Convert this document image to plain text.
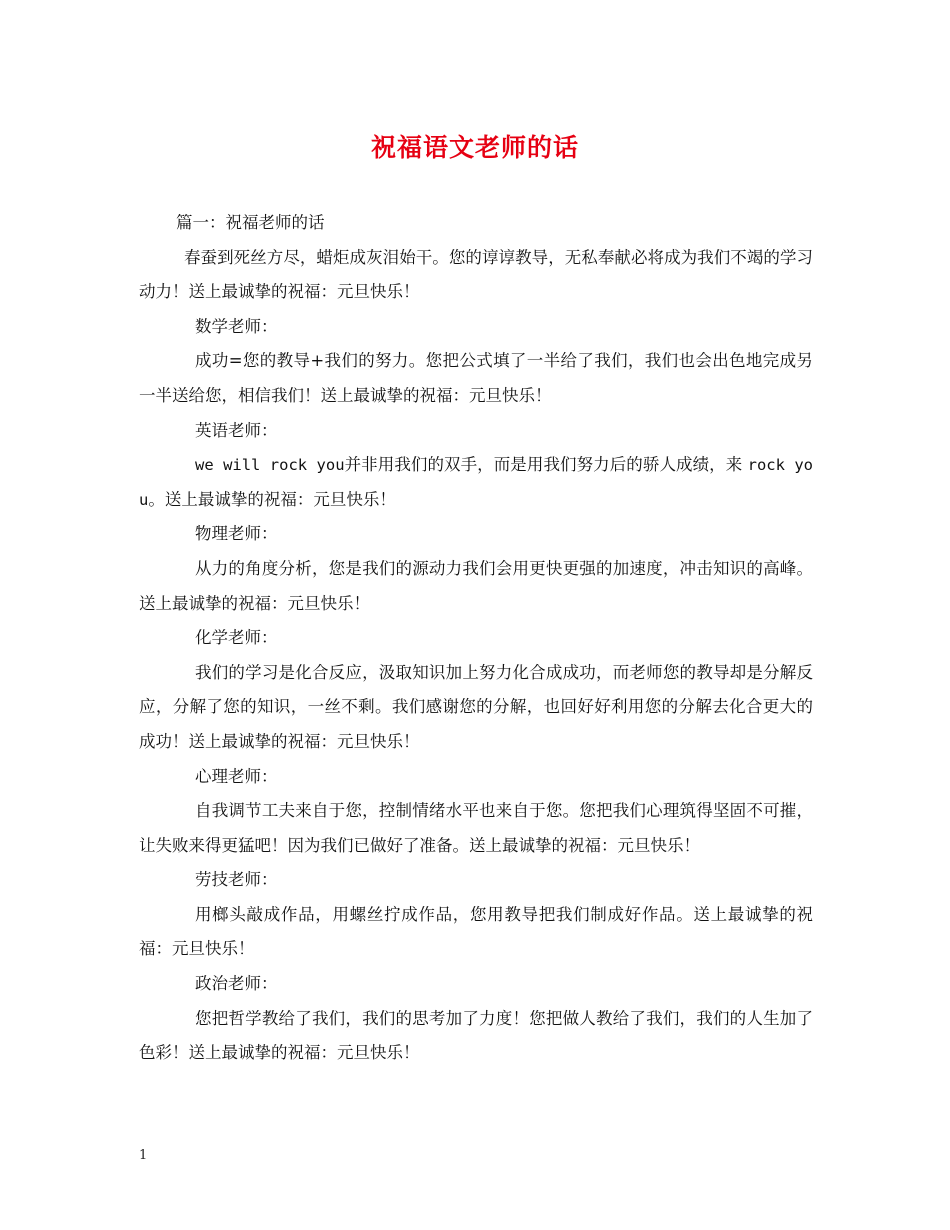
祝福语文老师的话

篇一：祝福老师的话

春蚕到死丝方尽，蜡炬成灰泪始干。您的谆谆教导，无私奉献必将成为我们不竭的学习动力！送上最诚挚的祝福：元旦快乐！

数学老师：

成功=您的教导+我们的努力。您把公式填了一半给了我们，我们也会出色地完成另一半送给您，相信我们！送上最诚挚的祝福：元旦快乐！

英语老师：

we will rock you并非用我们的双手，而是用我们努力后的骄人成绩，来 rock you。送上最诚挚的祝福：元旦快乐！

物理老师：

从力的角度分析，您是我们的源动力我们会用更快更强的加速度，冲击知识的高峰。送上最诚挚的祝福：元旦快乐！

化学老师：

我们的学习是化合反应，汲取知识加上努力化合成成功，而老师您的教导却是分解反应，分解了您的知识，一丝不剩。我们感谢您的分解，也回好好利用您的分解去化合更大的成功！送上最诚挚的祝福：元旦快乐！

心理老师：

自我调节工夫来自于您，控制情绪水平也来自于您。您把我们心理筑得坚固不可摧，让失败来得更猛吧！因为我们已做好了准备。送上最诚挚的祝福：元旦快乐！

劳技老师：

用榔头敲成作品，用螺丝拧成作品，您用教导把我们制成好作品。送上最诚挚的祝福：元旦快乐！

政治老师：

您把哲学教给了我们，我们的思考加了力度！您把做人教给了我们，我们的人生加了色彩！送上最诚挚的祝福：元旦快乐！

1
